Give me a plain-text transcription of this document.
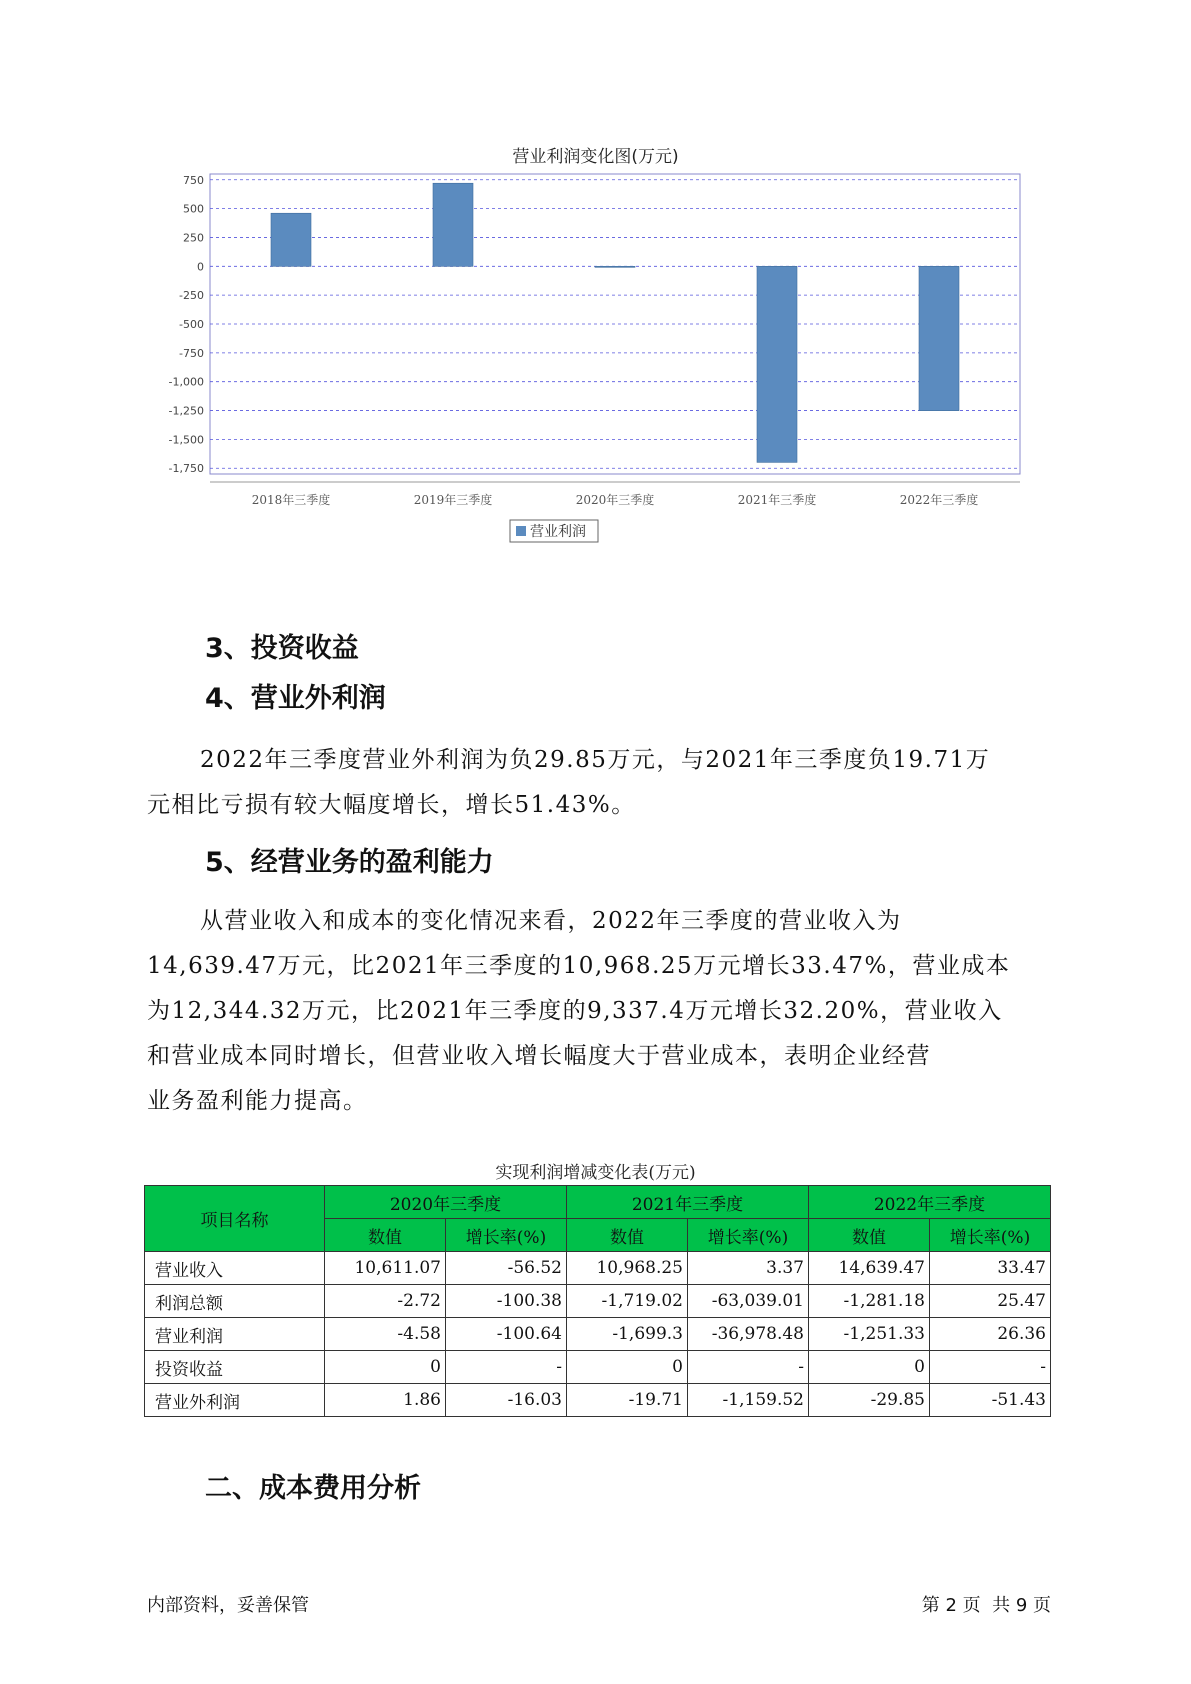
营业利润变化图(万元)
750
500
250
0
-250
-500
-750
-1,000
-1,250
-1,500
-1,750
2018年三季度	2019年三季度	2020年三季度	2021年三季度	2022年三季度
营业利润
3、投资收益
4、营业外利润
2022年三季度营业外利润为负29.85万元，与2021年三季度负19.71万
元相比亏损有较大幅度增长，增长51.43%。
5、经营业务的盈利能力
从营业收入和成本的变化情况来看，2022年三季度的营业收入为
14,639.47万元，比2021年三季度的10,968.25万元增长33.47%，营业成本
为12,344.32万元，比2021年三季度的9,337.4万元增长32.20%，营业收入
和营业成本同时增长，但营业收入增长幅度大于营业成本，表明企业经营
业务盈利能力提高。
实现利润增减变化表(万元)
项目名称	2020年三季度		2021年三季度		2022年三季度	
	数值	增长率(%)	数值	增长率(%)	数值	增长率(%)
营业收入	10,611.07	-56.52	10,968.25	3.37	14,639.47	33.47
利润总额	-2.72	-100.38	-1,719.02	-63,039.01	-1,281.18	25.47
营业利润	-4.58	-100.64	-1,699.3	-36,978.48	-1,251.33	26.36
投资收益	0	-	0	-	0	-
营业外利润	1.86	-16.03	-19.71	-1,159.52	-29.85	-51.43
二、成本费用分析
内部资料，妥善保管	第 2 页  共 9 页
